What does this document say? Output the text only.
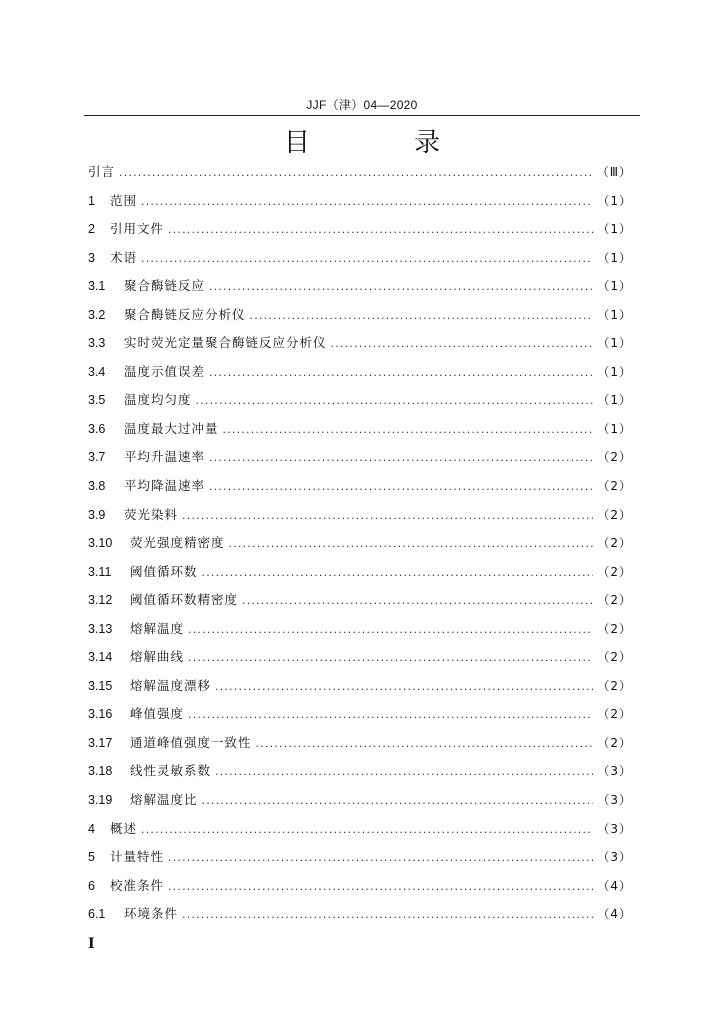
JJF（津）04—2020
目 录
引言 .....	（Ⅲ）
1	范围 .....	（1）
2	引用文件 .....	（1）
3	术语 .....	（1）
3.1	聚合酶链反应 .....	（1）
3.2	聚合酶链反应分析仪 .....	（1）
3.3	实时荧光定量聚合酶链反应分析仪 .....	（1）
3.4	温度示值误差 .....	（1）
3.5	温度均匀度 .....	（1）
3.6	温度最大过冲量 .....	（1）
3.7	平均升温速率 .....	（2）
3.8	平均降温速率 .....	（2）
3.9	荧光染料 .....	（2）
3.10	荧光强度精密度 .....	（2）
3.11	阈值循环数 .....	（2）
3.12	阈值循环数精密度 .....	（2）
3.13	熔解温度 .....	（2）
3.14	熔解曲线 .....	（2）
3.15	熔解温度漂移 .....	（2）
3.16	峰值强度 .....	（2）
3.17	通道峰值强度一致性 .....	（2）
3.18	线性灵敏系数 .....	（3）
3.19	熔解温度比 .....	（3）
4	概述 .....	（3）
5	计量特性 .....	（3）
6	校准条件 .....	（4）
6.1	环境条件 .....	（4）
I
